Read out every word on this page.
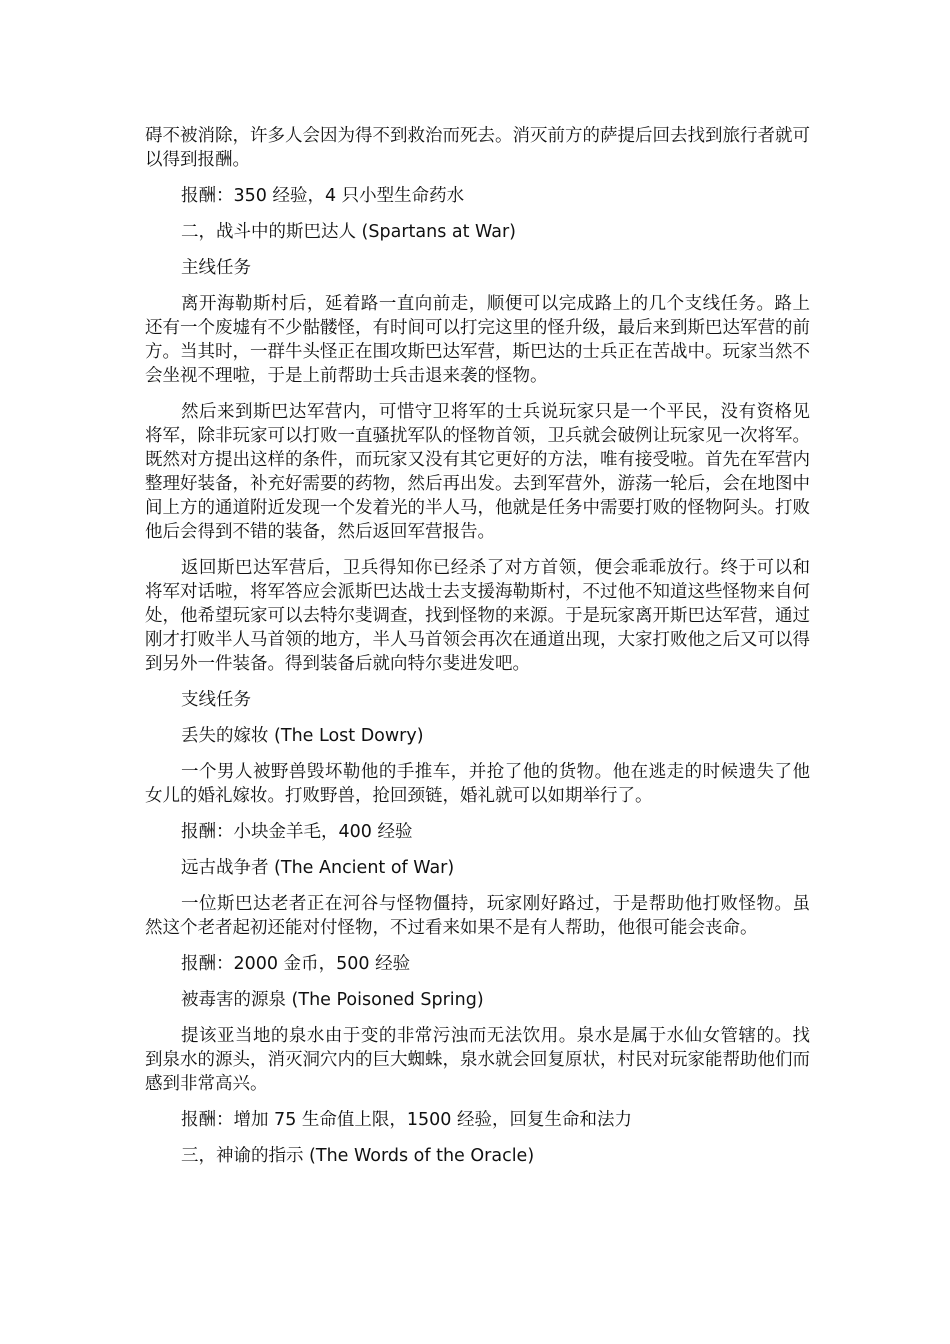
碍不被消除，许多人会因为得不到救治而死去。消灭前方的萨提后回去找到旅行者就可以得到报酬。

报酬：350 经验，4 只小型生命药水

二，战斗中的斯巴达人 (Spartans at War)

主线任务

离开海勒斯村后，延着路一直向前走，顺便可以完成路上的几个支线任务。路上还有一个废墟有不少骷髅怪，有时间可以打完这里的怪升级，最后来到斯巴达军营的前方。当其时，一群牛头怪正在围攻斯巴达军营，斯巴达的士兵正在苦战中。玩家当然不会坐视不理啦，于是上前帮助士兵击退来袭的怪物。

然后来到斯巴达军营内，可惜守卫将军的士兵说玩家只是一个平民，没有资格见将军，除非玩家可以打败一直骚扰军队的怪物首领，卫兵就会破例让玩家见一次将军。既然对方提出这样的条件，而玩家又没有其它更好的方法，唯有接受啦。首先在军营内整理好装备，补充好需要的药物，然后再出发。去到军营外，游荡一轮后，会在地图中间上方的通道附近发现一个发着光的半人马，他就是任务中需要打败的怪物阿头。打败他后会得到不错的装备，然后返回军营报告。

返回斯巴达军营后，卫兵得知你已经杀了对方首领，便会乖乖放行。终于可以和将军对话啦，将军答应会派斯巴达战士去支援海勒斯村，不过他不知道这些怪物来自何处，他希望玩家可以去特尔斐调查，找到怪物的来源。于是玩家离开斯巴达军营，通过刚才打败半人马首领的地方，半人马首领会再次在通道出现，大家打败他之后又可以得到另外一件装备。得到装备后就向特尔斐进发吧。

支线任务

丢失的嫁妆 (The Lost Dowry)

一个男人被野兽毁坏勒他的手推车，并抢了他的货物。他在逃走的时候遗失了他女儿的婚礼嫁妆。打败野兽，抢回颈链，婚礼就可以如期举行了。

报酬：小块金羊毛，400 经验

远古战争者 (The Ancient of War)

一位斯巴达老者正在河谷与怪物僵持，玩家刚好路过，于是帮助他打败怪物。虽然这个老者起初还能对付怪物，不过看来如果不是有人帮助，他很可能会丧命。

报酬：2000 金币，500 经验

被毒害的源泉 (The Poisoned Spring)

提该亚当地的泉水由于变的非常污浊而无法饮用。泉水是属于水仙女管辖的。找到泉水的源头，消灭洞穴内的巨大蜘蛛，泉水就会回复原状，村民对玩家能帮助他们而感到非常高兴。

报酬：增加 75 生命值上限，1500 经验，回复生命和法力

三，神谕的指示 (The Words of the Oracle)
